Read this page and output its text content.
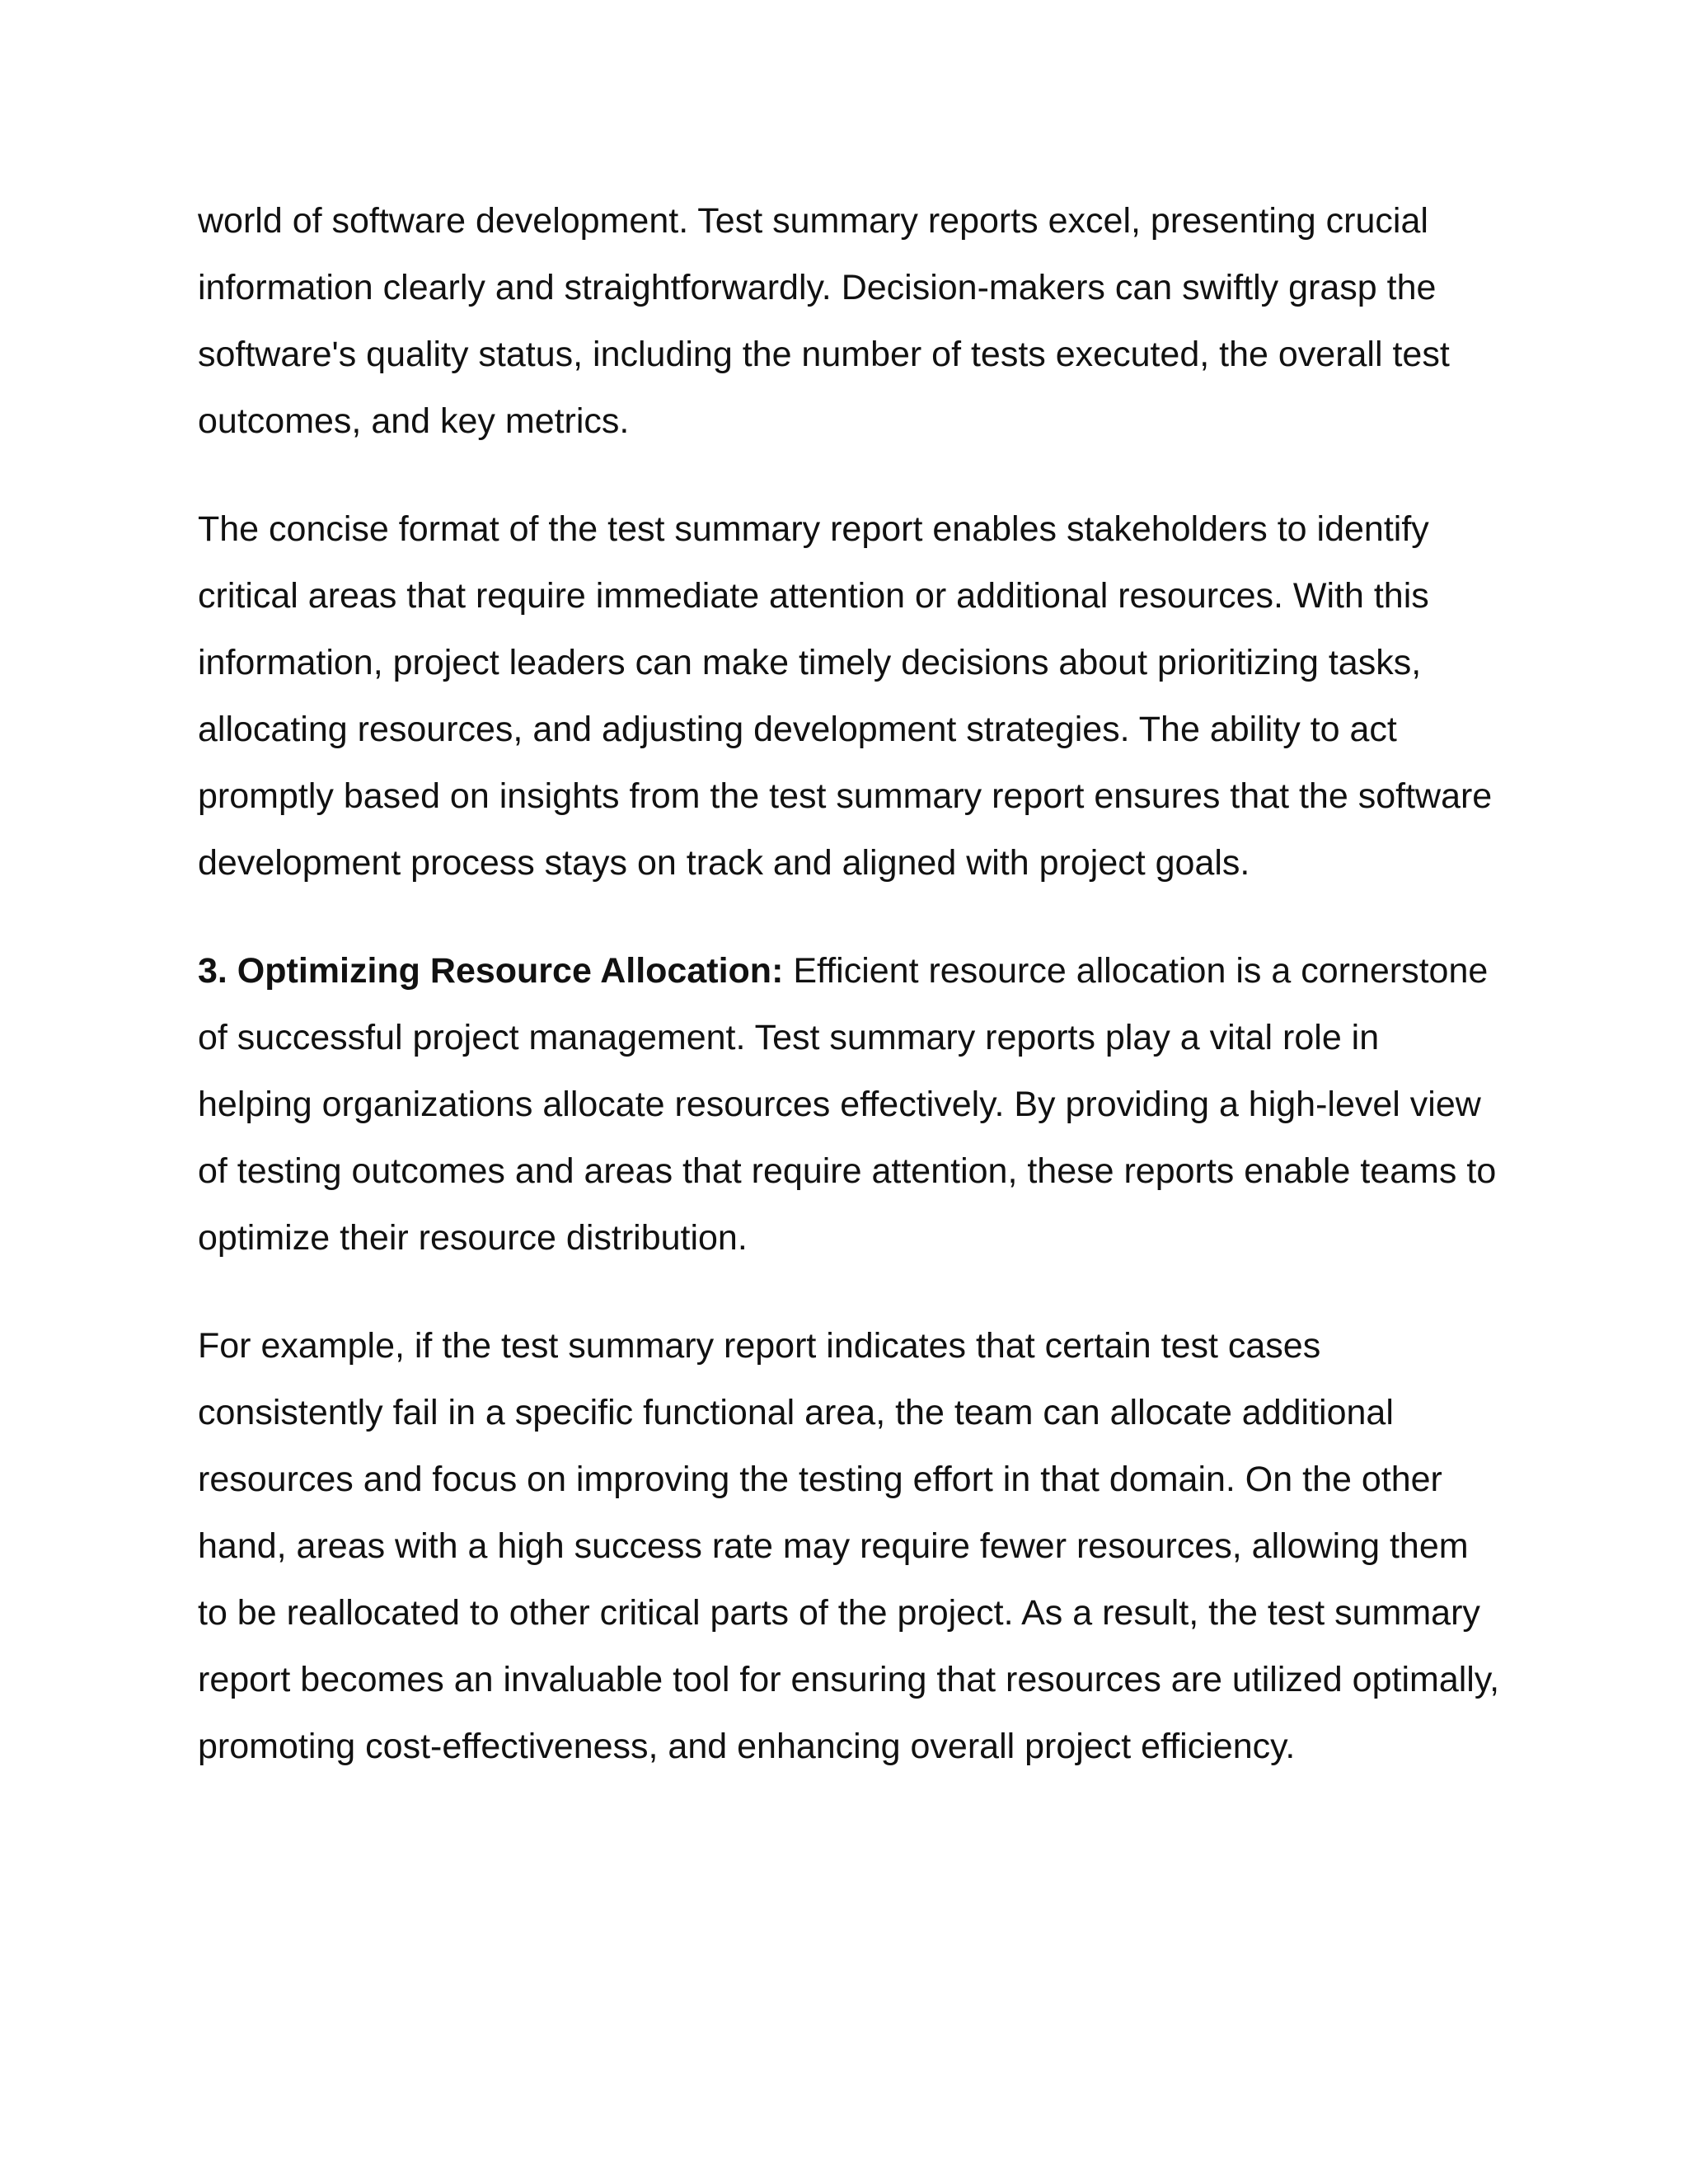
world of software development. Test summary reports excel, presenting crucial information clearly and straightforwardly. Decision-makers can swiftly grasp the software's quality status, including the number of tests executed, the overall test outcomes, and key metrics.

The concise format of the test summary report enables stakeholders to identify critical areas that require immediate attention or additional resources. With this information, project leaders can make timely decisions about prioritizing tasks, allocating resources, and adjusting development strategies. The ability to act promptly based on insights from the test summary report ensures that the software development process stays on track and aligned with project goals.

3. Optimizing Resource Allocation: Efficient resource allocation is a cornerstone of successful project management. Test summary reports play a vital role in helping organizations allocate resources effectively. By providing a high-level view of testing outcomes and areas that require attention, these reports enable teams to optimize their resource distribution.

For example, if the test summary report indicates that certain test cases consistently fail in a specific functional area, the team can allocate additional resources and focus on improving the testing effort in that domain. On the other hand, areas with a high success rate may require fewer resources, allowing them to be reallocated to other critical parts of the project. As a result, the test summary report becomes an invaluable tool for ensuring that resources are utilized optimally, promoting cost-effectiveness, and enhancing overall project efficiency.
